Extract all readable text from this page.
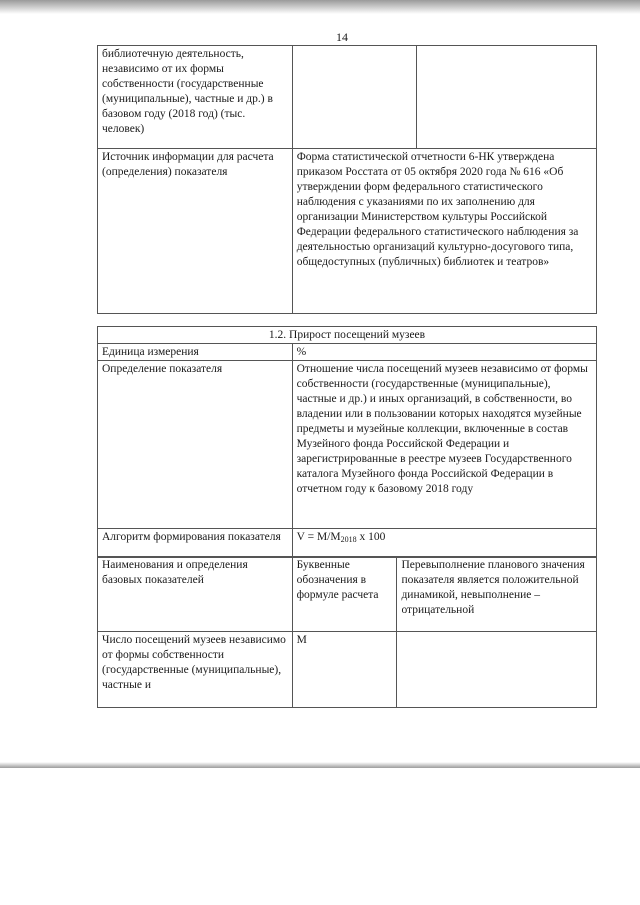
14
библиотечную деятельность, независимо от их формы собственности (государственные (муниципальные), частные и др.) в базовом году (2018 год) (тыс. человек)		
Источник информации для расчета (определения) показателя	Форма статистической отчетности 6-НК утверждена приказом Росстата от 05 октября 2020 года № 616 «Об утверждении форм федерального статистического наблюдения с указаниями по их заполнению для организации Министерством культуры Российской Федерации федерального статистического наблюдения за деятельностью организаций культурно-досугового типа, общедоступных (публичных) библиотек и театров»	
1.2. Прирост посещений музеев	
Единица измерения	%
Определение показателя	Отношение числа посещений музеев независимо от формы собственности (государственные (муниципальные), частные и др.) и иных организаций, в собственности, во владении или в пользовании которых находятся музейные предметы и музейные коллекции, включенные в состав Музейного фонда Российской Федерации и зарегистрированные в реестре музеев Государственного каталога Музейного фонда Российской Федерации в отчетном году к базовому 2018 году
Алгоритм формирования показателя	$V = M/M_{2018}$ x 100
Наименования и определения базовых показателей	Буквенные обозначения в формуле расчета	Перевыполнение планового значения показателя является положительной динамикой, невыполнение – отрицательной
Число посещений музеев независимо от формы собственности (государственные (муниципальные), частные и	М	
